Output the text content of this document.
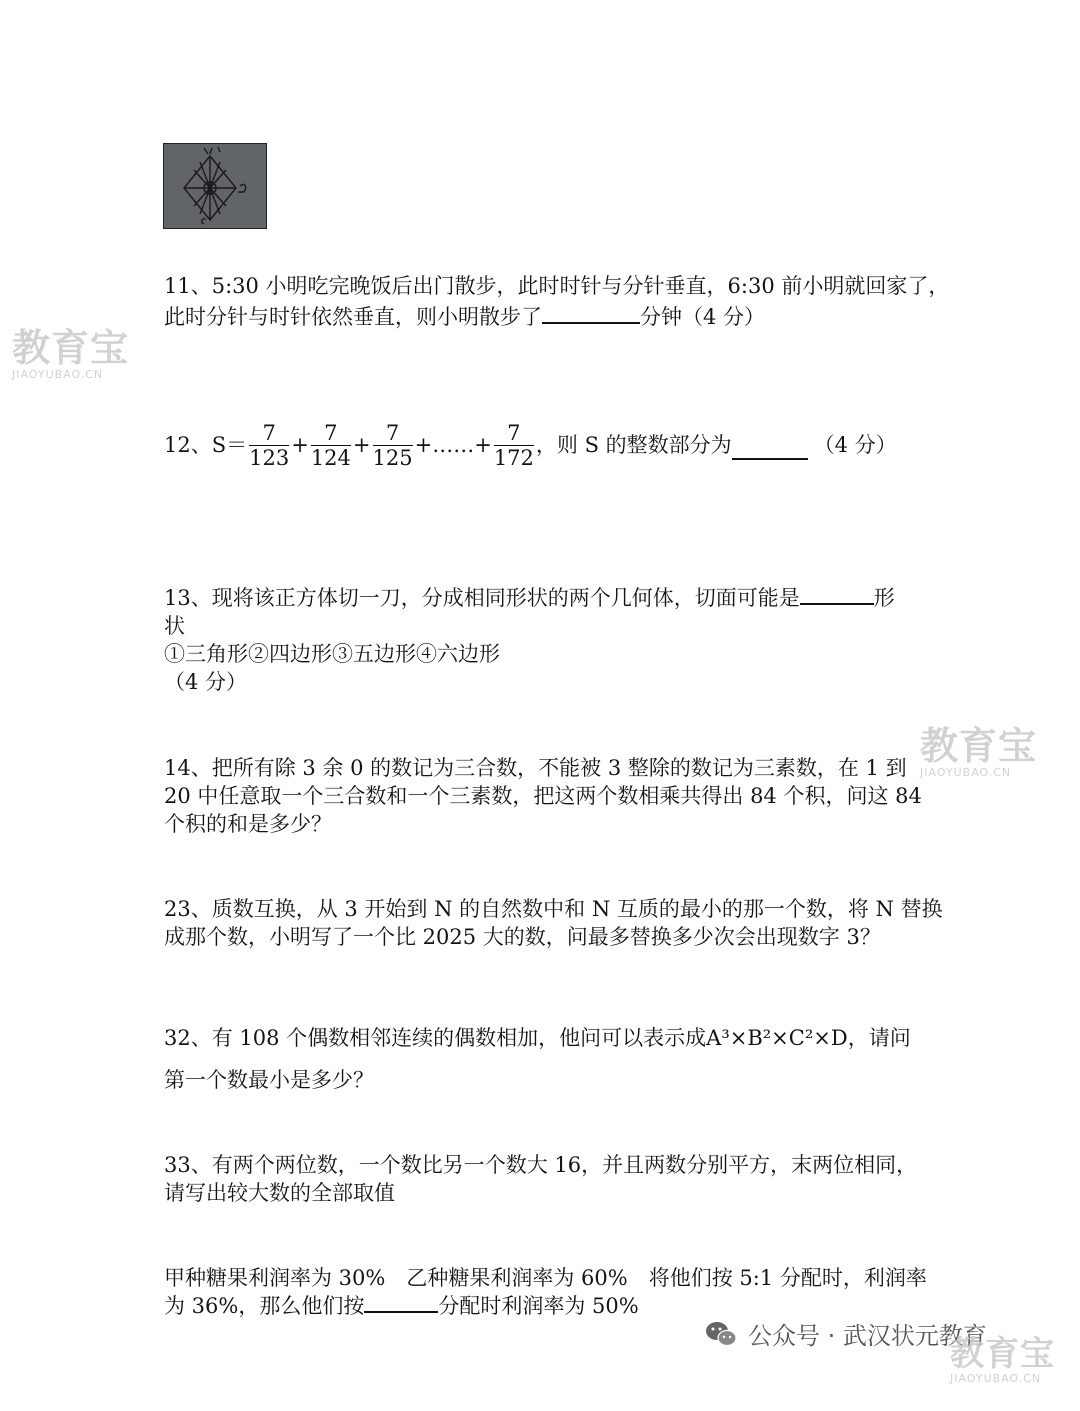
11、5:30 小明吃完晚饭后出门散步，此时时针与分针垂直，6:30 前小明就回家了，
此时分针与时针依然垂直，则小明散步了	分钟（4 分）
教育宝
JIAOYUBAO.CN
12、$S= \frac{7}{123} + \frac{7}{124} + \frac{7}{125}$ +……+ $\frac{7}{172}$ ，则 S 的整数部分为	（4 分）
13、现将该正方体切一刀，分成相同形状的两个几何体，切面可能是	形
状
①三角形②四边形③五边形④六边形
（4 分）
教育宝
JIAOYUBAO.CN
14、把所有除 3 余 0 的数记为三合数，不能被 3 整除的数记为三素数，在 1 到
20 中任意取一个三合数和一个三素数，把这两个数相乘共得出 84 个积，问这 84
个积的和是多少？
23、质数互换，从 3 开始到 N 的自然数中和 N 互质的最小的那一个数，将 N 替换
成那个数，小明写了一个比 2025 大的数，问最多替换多少次会出现数字 3？
32、有 108 个偶数相邻连续的偶数相加，他问可以表示成A³×B²×C²×D，请问
第一个数最小是多少？
33、有两个两位数，一个数比另一个数大 16，并且两数分别平方，末两位相同，
请写出较大数的全部取值
甲种糖果利润率为 30%　乙种糖果利润率为 60%　将他们按 5:1 分配时，利润率
为 36%，那么他们按	分配时利润率为 50%
公众号 · 武汉状元教育
教育宝
JIAOYUBAO.CN
